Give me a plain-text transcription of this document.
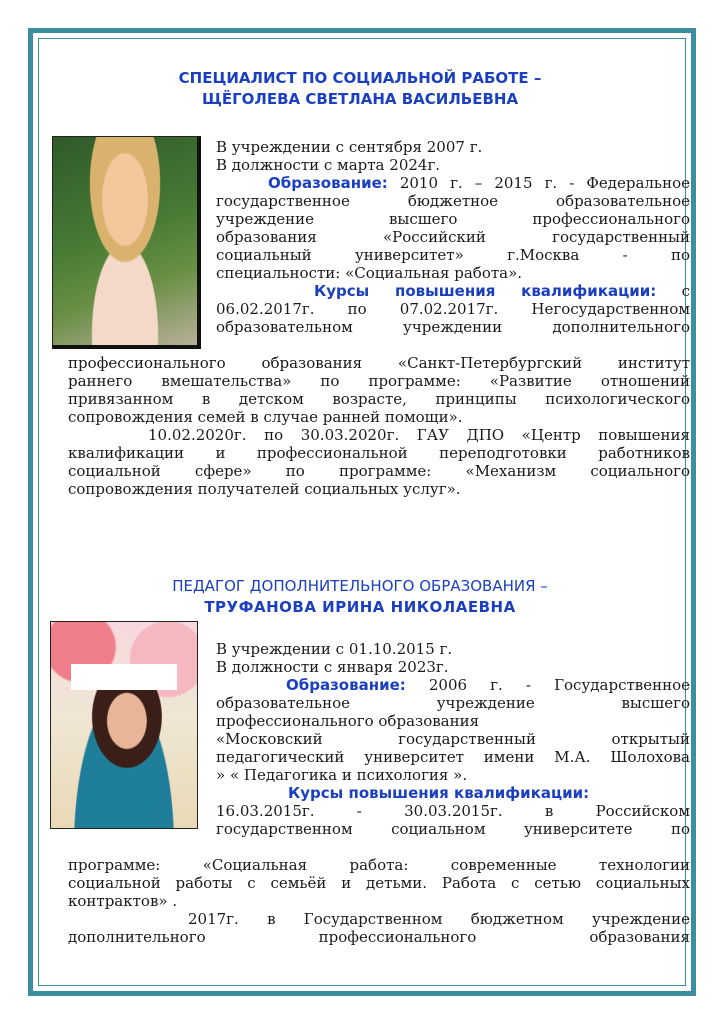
СПЕЦИАЛИСТ ПО СОЦИАЛЬНОЙ РАБОТЕ –
ЩЁГОЛЕВА СВЕТЛАНА ВАСИЛЬЕВНА
В учреждении с сентября 2007 г.
В должности с марта 2024г.
Образование: 2010 г. – 2015 г. - Федеральное
государственное бюджетное образовательное
учреждение высшего профессионального
образования «Российский государственный
социальный университет» г.Москва - по
специальности: «Социальная работа».
Курсы повышения квалификации: с
06.02.2017г. по 07.02.2017г. Негосударственном
образовательном учреждении дополнительного
профессионального образования «Санкт-Петербургский институт
раннего вмешательства» по программе: «Развитие отношений
привязанном в детском возрасте, принципы психологического
сопровождения семей в случае ранней помощи».
10.02.2020г. по 30.03.2020г. ГАУ ДПО «Центр повышения
квалификации и профессиональной переподготовки работников
социальной сфере» по программе: «Механизм социального
сопровождения получателей социальных услуг».
ПЕДАГОГ ДОПОЛНИТЕЛЬНОГО ОБРАЗОВАНИЯ –
ТРУФАНОВА ИРИНА НИКОЛАЕВНА
В учреждении с 01.10.2015 г.
В должности с января 2023г.
Образование: 2006 г. - Государственное
образовательное учреждение высшего
профессионального образования
«Московский государственный открытый
педагогический университет имени М.А. Шолохова
» « Педагогика и психология ».
Курсы повышения квалификации:
16.03.2015г. - 30.03.2015г. в Российском
государственном социальном университете по
программе: «Социальная работа: современные технологии
социальной работы с семьёй и детьми. Работа с сетью социальных
контрактов» .
2017г. в Государственном бюджетном учреждение
дополнительного профессионального образования
